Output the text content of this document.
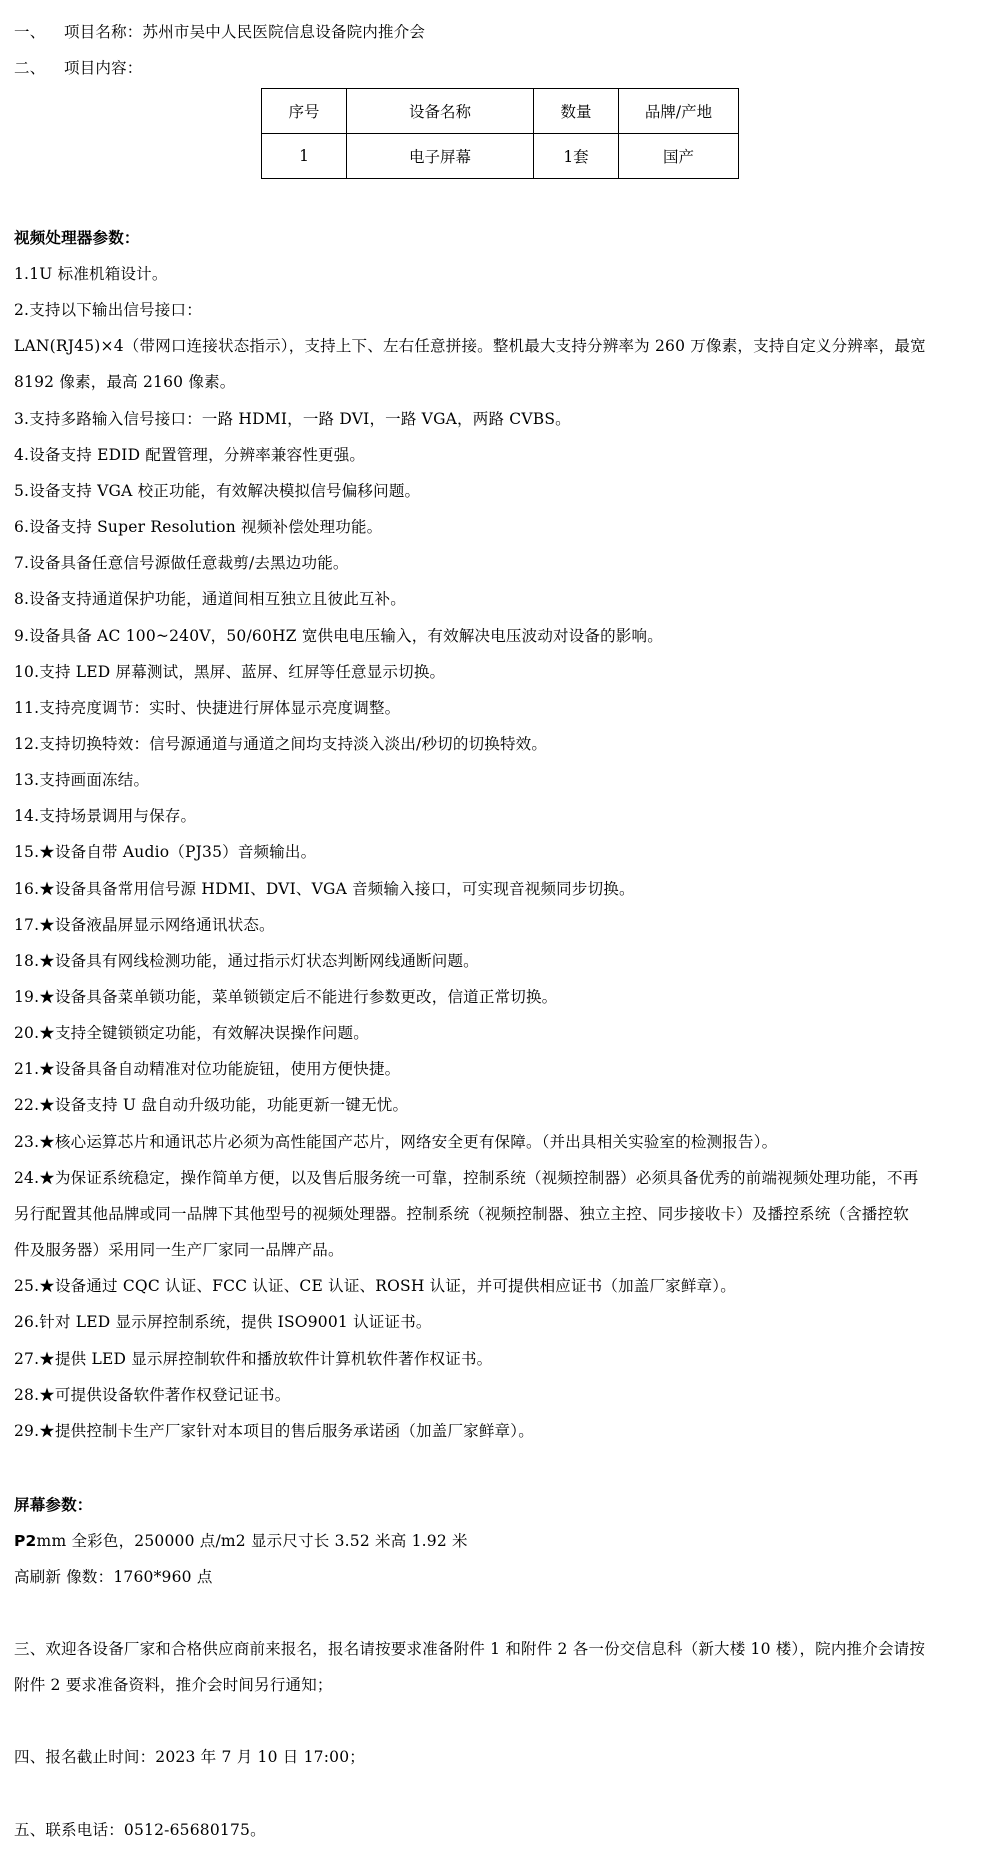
一、 项目名称：苏州市吴中人民医院信息设备院内推介会
二、 项目内容：
序号	设备名称	数量	品牌/产地
1	电子屏幕	1套	国产
视频处理器参数：
1.1U 标准机箱设计。
2.支持以下输出信号接口：
LAN(RJ45)×4（带网口连接状态指示），支持上下、左右任意拼接。整机最大支持分辨率为 260 万像素，支持自定义分辨率，最宽
8192 像素，最高 2160 像素。
3.支持多路输入信号接口：一路 HDMI，一路 DVI，一路 VGA，两路 CVBS。
4.设备支持 EDID 配置管理，分辨率兼容性更强。
5.设备支持 VGA 校正功能，有效解决模拟信号偏移问题。
6.设备支持 Super Resolution 视频补偿处理功能。
7.设备具备任意信号源做任意裁剪/去黑边功能。
8.设备支持通道保护功能，通道间相互独立且彼此互补。
9.设备具备 AC 100~240V，50/60HZ 宽供电电压输入，有效解决电压波动对设备的影响。
10.支持 LED 屏幕测试，黑屏、蓝屏、红屏等任意显示切换。
11.支持亮度调节：实时、快捷进行屏体显示亮度调整。
12.支持切换特效：信号源通道与通道之间均支持淡入淡出/秒切的切换特效。
13.支持画面冻结。
14.支持场景调用与保存。
15.★设备自带 Audio（PJ35）音频输出。
16.★设备具备常用信号源 HDMI、DVI、VGA 音频输入接口，可实现音视频同步切换。
17.★设备液晶屏显示网络通讯状态。
18.★设备具有网线检测功能，通过指示灯状态判断网线通断问题。
19.★设备具备菜单锁功能，菜单锁锁定后不能进行参数更改，信道正常切换。
20.★支持全键锁锁定功能，有效解决误操作问题。
21.★设备具备自动精准对位功能旋钮，使用方便快捷。
22.★设备支持 U 盘自动升级功能，功能更新一键无忧。
23.★核心运算芯片和通讯芯片必须为高性能国产芯片，网络安全更有保障。（并出具相关实验室的检测报告）。
24.★为保证系统稳定，操作简单方便，以及售后服务统一可靠，控制系统（视频控制器）必须具备优秀的前端视频处理功能，不再
另行配置其他品牌或同一品牌下其他型号的视频处理器。控制系统（视频控制器、独立主控、同步接收卡）及播控系统（含播控软
件及服务器）采用同一生产厂家同一品牌产品。
25.★设备通过 CQC 认证、FCC 认证、CE 认证、ROSH 认证，并可提供相应证书（加盖厂家鲜章）。
26.针对 LED 显示屏控制系统，提供 ISO9001 认证证书。
27.★提供 LED 显示屏控制软件和播放软件计算机软件著作权证书。
28.★可提供设备软件著作权登记证书。
29.★提供控制卡生产厂家针对本项目的售后服务承诺函（加盖厂家鲜章）。
屏幕参数：
P2mm 全彩色，250000 点/m2 显示尺寸长 3.52 米高 1.92 米
高刷新 像数：1760*960 点
三、欢迎各设备厂家和合格供应商前来报名，报名请按要求准备附件 1 和附件 2 各一份交信息科（新大楼 10 楼），院内推介会请按
附件 2 要求准备资料，推介会时间另行通知；
四、报名截止时间：2023 年 7 月 10 日 17:00；
五、联系电话：0512-65680175。
